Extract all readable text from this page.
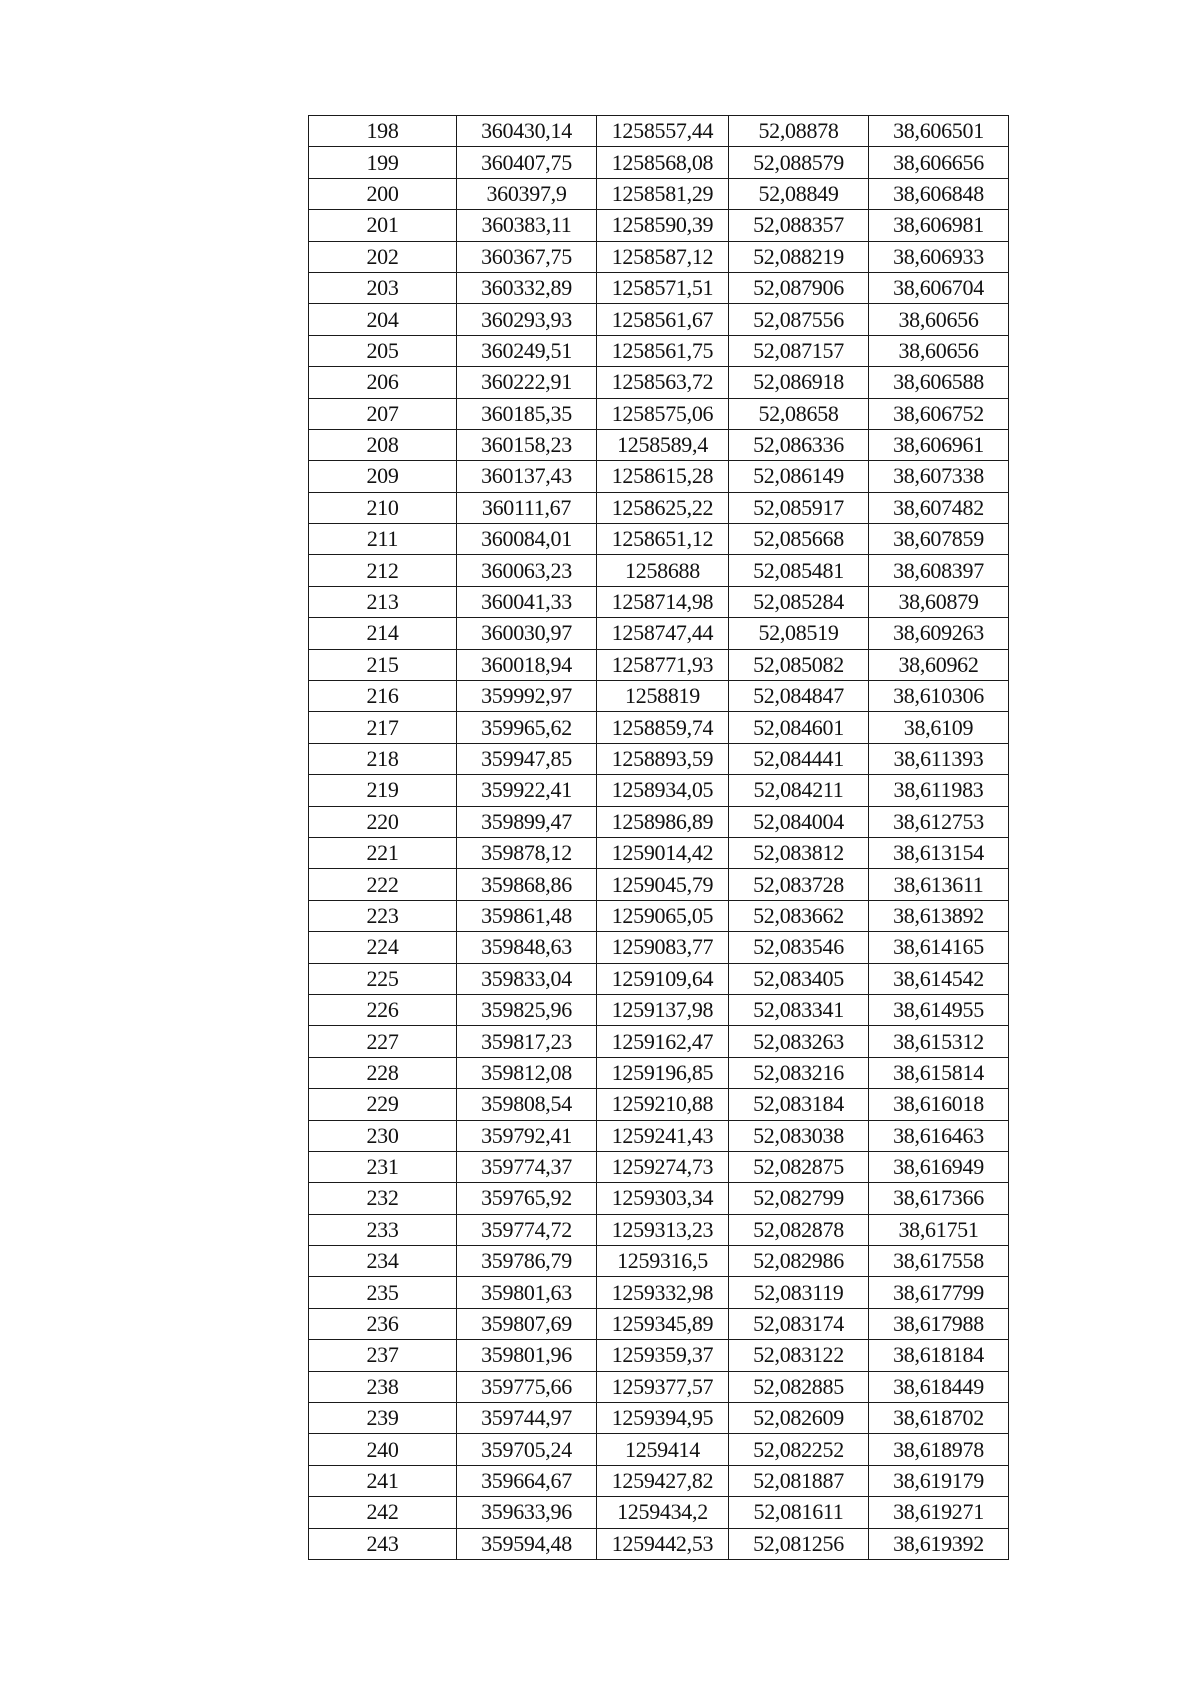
198	360430,14	1258557,44	52,08878	38,606501
199	360407,75	1258568,08	52,088579	38,606656
200	360397,9	1258581,29	52,08849	38,606848
201	360383,11	1258590,39	52,088357	38,606981
202	360367,75	1258587,12	52,088219	38,606933
203	360332,89	1258571,51	52,087906	38,606704
204	360293,93	1258561,67	52,087556	38,60656
205	360249,51	1258561,75	52,087157	38,60656
206	360222,91	1258563,72	52,086918	38,606588
207	360185,35	1258575,06	52,08658	38,606752
208	360158,23	1258589,4	52,086336	38,606961
209	360137,43	1258615,28	52,086149	38,607338
210	360111,67	1258625,22	52,085917	38,607482
211	360084,01	1258651,12	52,085668	38,607859
212	360063,23	1258688	52,085481	38,608397
213	360041,33	1258714,98	52,085284	38,60879
214	360030,97	1258747,44	52,08519	38,609263
215	360018,94	1258771,93	52,085082	38,60962
216	359992,97	1258819	52,084847	38,610306
217	359965,62	1258859,74	52,084601	38,6109
218	359947,85	1258893,59	52,084441	38,611393
219	359922,41	1258934,05	52,084211	38,611983
220	359899,47	1258986,89	52,084004	38,612753
221	359878,12	1259014,42	52,083812	38,613154
222	359868,86	1259045,79	52,083728	38,613611
223	359861,48	1259065,05	52,083662	38,613892
224	359848,63	1259083,77	52,083546	38,614165
225	359833,04	1259109,64	52,083405	38,614542
226	359825,96	1259137,98	52,083341	38,614955
227	359817,23	1259162,47	52,083263	38,615312
228	359812,08	1259196,85	52,083216	38,615814
229	359808,54	1259210,88	52,083184	38,616018
230	359792,41	1259241,43	52,083038	38,616463
231	359774,37	1259274,73	52,082875	38,616949
232	359765,92	1259303,34	52,082799	38,617366
233	359774,72	1259313,23	52,082878	38,61751
234	359786,79	1259316,5	52,082986	38,617558
235	359801,63	1259332,98	52,083119	38,617799
236	359807,69	1259345,89	52,083174	38,617988
237	359801,96	1259359,37	52,083122	38,618184
238	359775,66	1259377,57	52,082885	38,618449
239	359744,97	1259394,95	52,082609	38,618702
240	359705,24	1259414	52,082252	38,618978
241	359664,67	1259427,82	52,081887	38,619179
242	359633,96	1259434,2	52,081611	38,619271
243	359594,48	1259442,53	52,081256	38,619392
